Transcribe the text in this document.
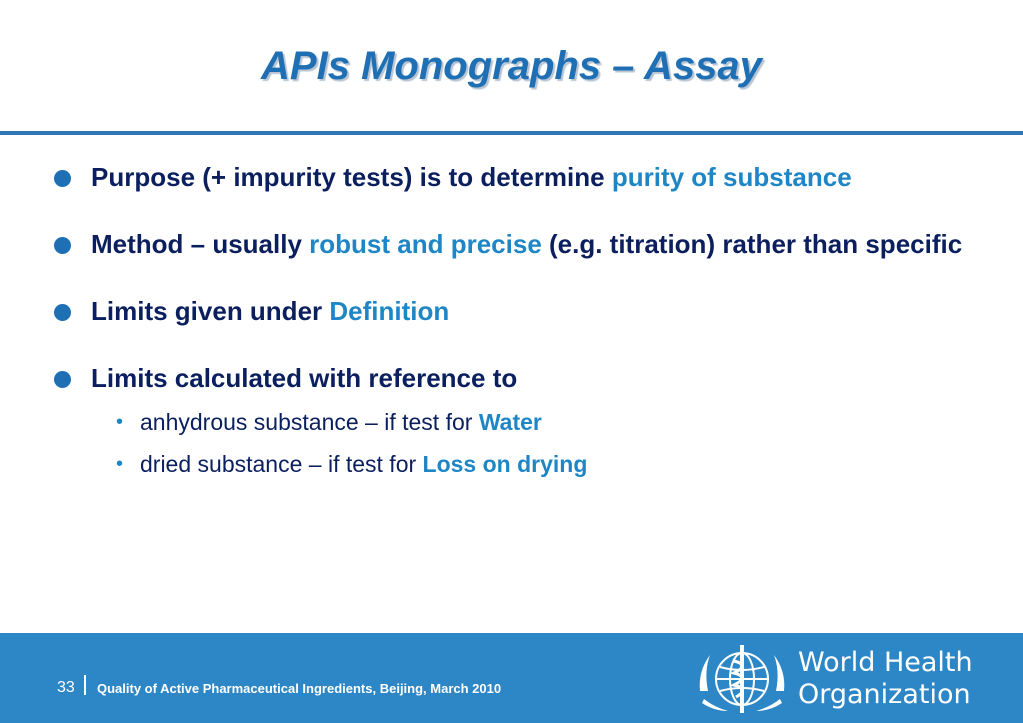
APIs Monographs – Assay
Purpose (+ impurity tests) is to determine purity of substance
Method – usually robust and precise (e.g. titration) rather than specific
Limits given under Definition
Limits calculated with reference to
• anhydrous substance – if test for Water
• dried substance – if test for Loss on drying
33 Quality of Active Pharmaceutical Ingredients, Beijing, March 2010
World Health
Organization
